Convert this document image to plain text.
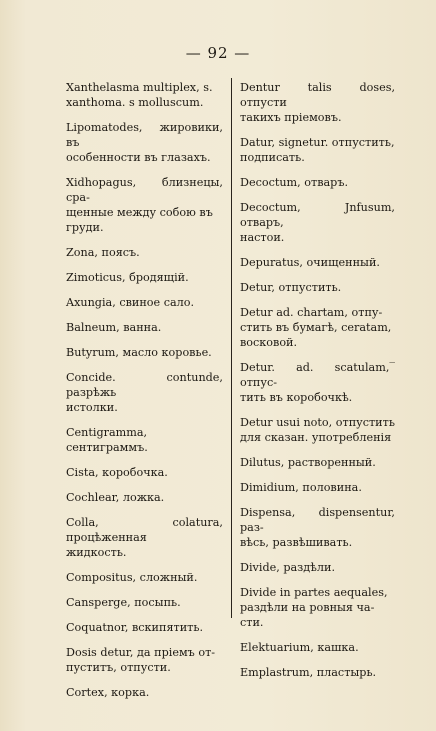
— 92 —
Xanthelasma multiplex, s.
xanthoma. s molluscum.
Lipomatodes, жировики, въ
особенности въ глазахъ.
Xidhopagus, близнецы, сра-
щенные между собою въ
груди.
Zona, поясъ.
Zimoticus, бродящій.
Axungia, свиное сало.
Balneum, ванна.
Butyrum, масло коровье.
Concide. contunde, разрѣжь
истолки.
Centigramma, сентиграммъ.
Cista, коробочка.
Cochlear, ложка.
Colla, colatura, процѣженная
жидкость.
Compositus, сложный.
Cansperge, посыпь.
Coquatnor, вскипятить.
Dosis detur, да пріемъ от-
пуститъ, отпусти.
Cortex, корка.
Dentur talis doses, отпусти
такихъ пріемовъ.
Datur, signetur. отпустить,
подписать.
Decoctum, отваръ.
Decoctum, Jnfusum, отваръ,
настои.
Depuratus, очищенный.
Detur, отпустить.
Detur ad. chartam, отпу-
стить въ бумагѣ, ceratam,
восковой.
Detur. ad. scatulam,‾ отпус-
тить въ коробочкѣ.
Detur usui noto, отпустить
для сказан. употребленія
Dilutus, растворенный.
Dimidium, половина.
Dispensa, dispensentur, раз-
вѣсь, развѣшивать.
Divide, раздѣли.
Divide in partes aequales,
раздѣли на ровныя ча-
сти.
Elektuarium, кашка.
Emplastrum, пластырь.
